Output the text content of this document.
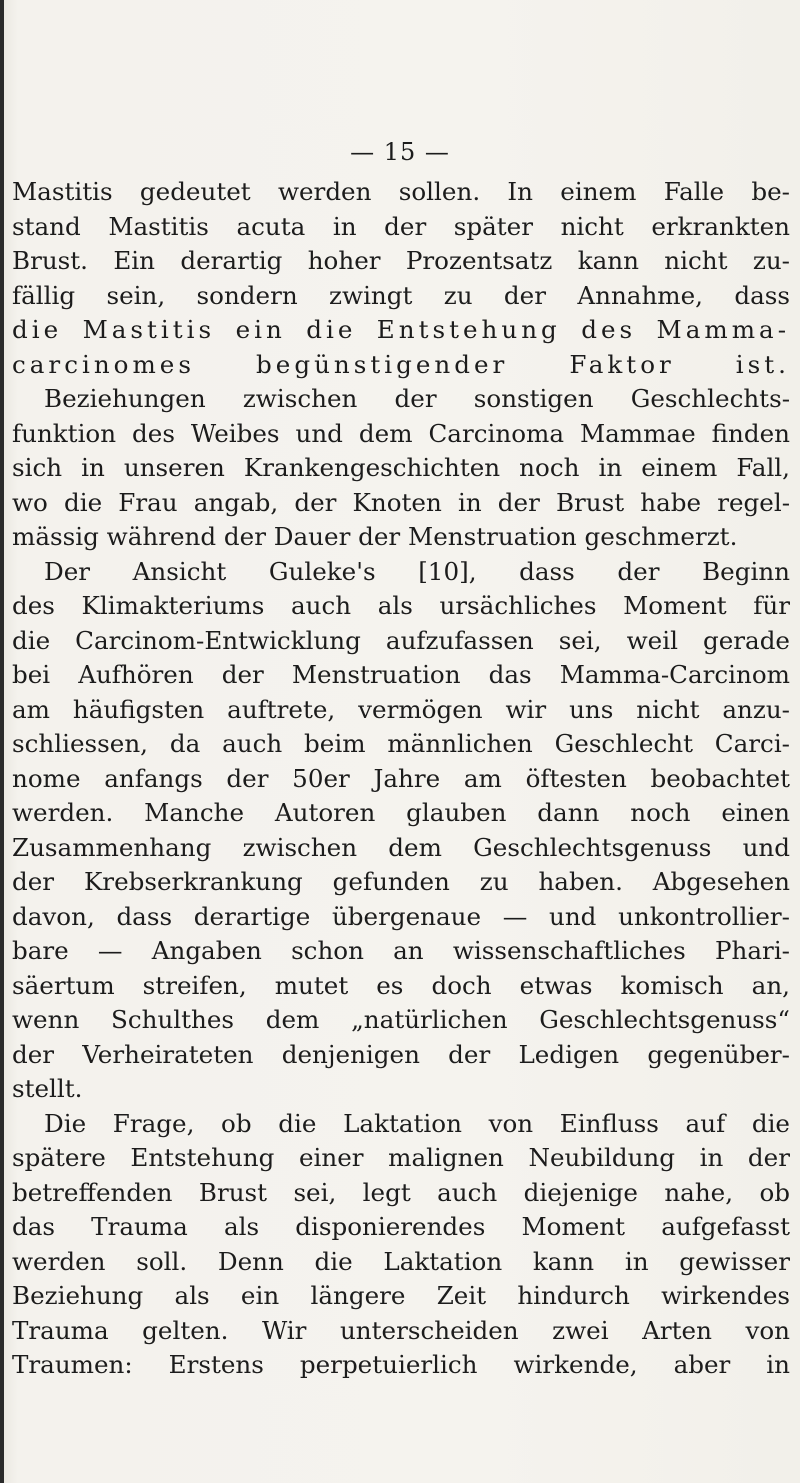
— 15 —
Mastitis gedeutet werden sollen. In einem Falle be-
stand Mastitis acuta in der später nicht erkrankten
Brust. Ein derartig hoher Prozentsatz kann nicht zu-
fällig sein, sondern zwingt zu der Annahme, dass
die Mastitis ein die Entstehung des Mamma-
carcinomes begünstigender Faktor ist.
Beziehungen zwischen der sonstigen Geschlechts-
funktion des Weibes und dem Carcinoma Mammae finden
sich in unseren Krankengeschichten noch in einem Fall,
wo die Frau angab, der Knoten in der Brust habe regel-
mässig während der Dauer der Menstruation geschmerzt.
Der Ansicht Guleke's [10], dass der Beginn
des Klimakteriums auch als ursächliches Moment für
die Carcinom-Entwicklung aufzufassen sei, weil gerade
bei Aufhören der Menstruation das Mamma-Carcinom
am häufigsten auftrete, vermögen wir uns nicht anzu-
schliessen, da auch beim männlichen Geschlecht Carci-
nome anfangs der 50er Jahre am öftesten beobachtet
werden. Manche Autoren glauben dann noch einen
Zusammenhang zwischen dem Geschlechtsgenuss und
der Krebserkrankung gefunden zu haben. Abgesehen
davon, dass derartige übergenaue — und unkontrollier-
bare — Angaben schon an wissenschaftliches Phari-
säertum streifen, mutet es doch etwas komisch an,
wenn Schulthes dem „natürlichen Geschlechtsgenuss“
der Verheirateten denjenigen der Ledigen gegenüber-
stellt.
Die Frage, ob die Laktation von Einfluss auf die
spätere Entstehung einer malignen Neubildung in der
betreffenden Brust sei, legt auch diejenige nahe, ob
das Trauma als disponierendes Moment aufgefasst
werden soll. Denn die Laktation kann in gewisser
Beziehung als ein längere Zeit hindurch wirkendes
Trauma gelten. Wir unterscheiden zwei Arten von
Traumen: Erstens perpetuierlich wirkende, aber in
